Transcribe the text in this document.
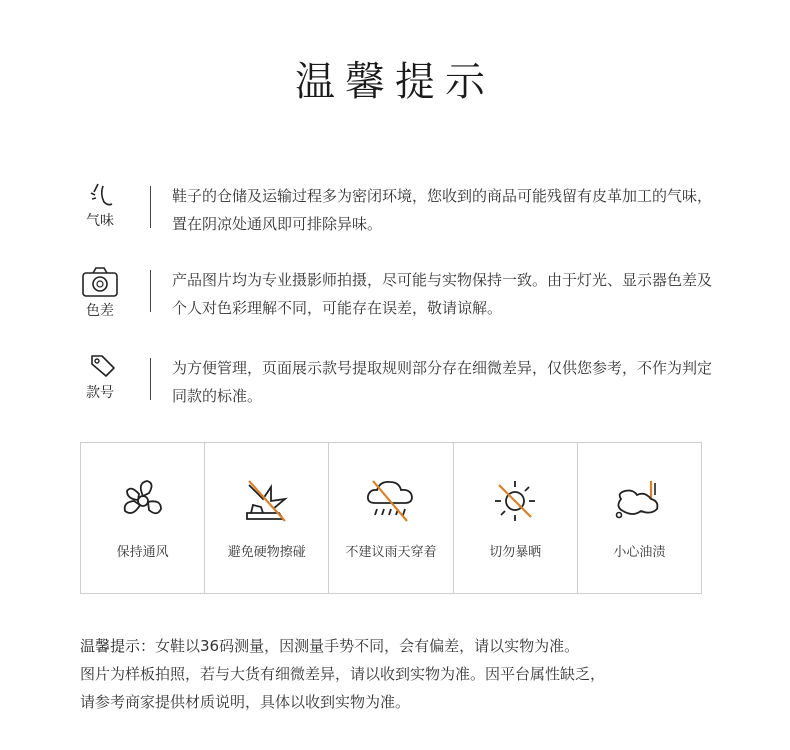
温馨提示
气味
鞋子的仓储及运输过程多为密闭环境，您收到的商品可能残留有皮革加工的气味，置在阴凉处通风即可排除异味。
色差
产品图片均为专业摄影师拍摄，尽可能与实物保持一致。由于灯光、显示器色差及个人对色彩理解不同，可能存在误差，敬请谅解。
款号
为方便管理，页面展示款号提取规则部分存在细微差异，仅供您参考，不作为判定同款的标准。
保持通风	避免硬物擦碰	不建议雨天穿着	切勿暴晒	小心油渍

温馨提示：女鞋以36码测量，因测量手势不同，会有偏差，请以实物为准。

图片为样板拍照，若与大货有细微差异，请以收到实物为准。因平台属性缺乏，

请参考商家提供材质说明，具体以收到实物为准。
